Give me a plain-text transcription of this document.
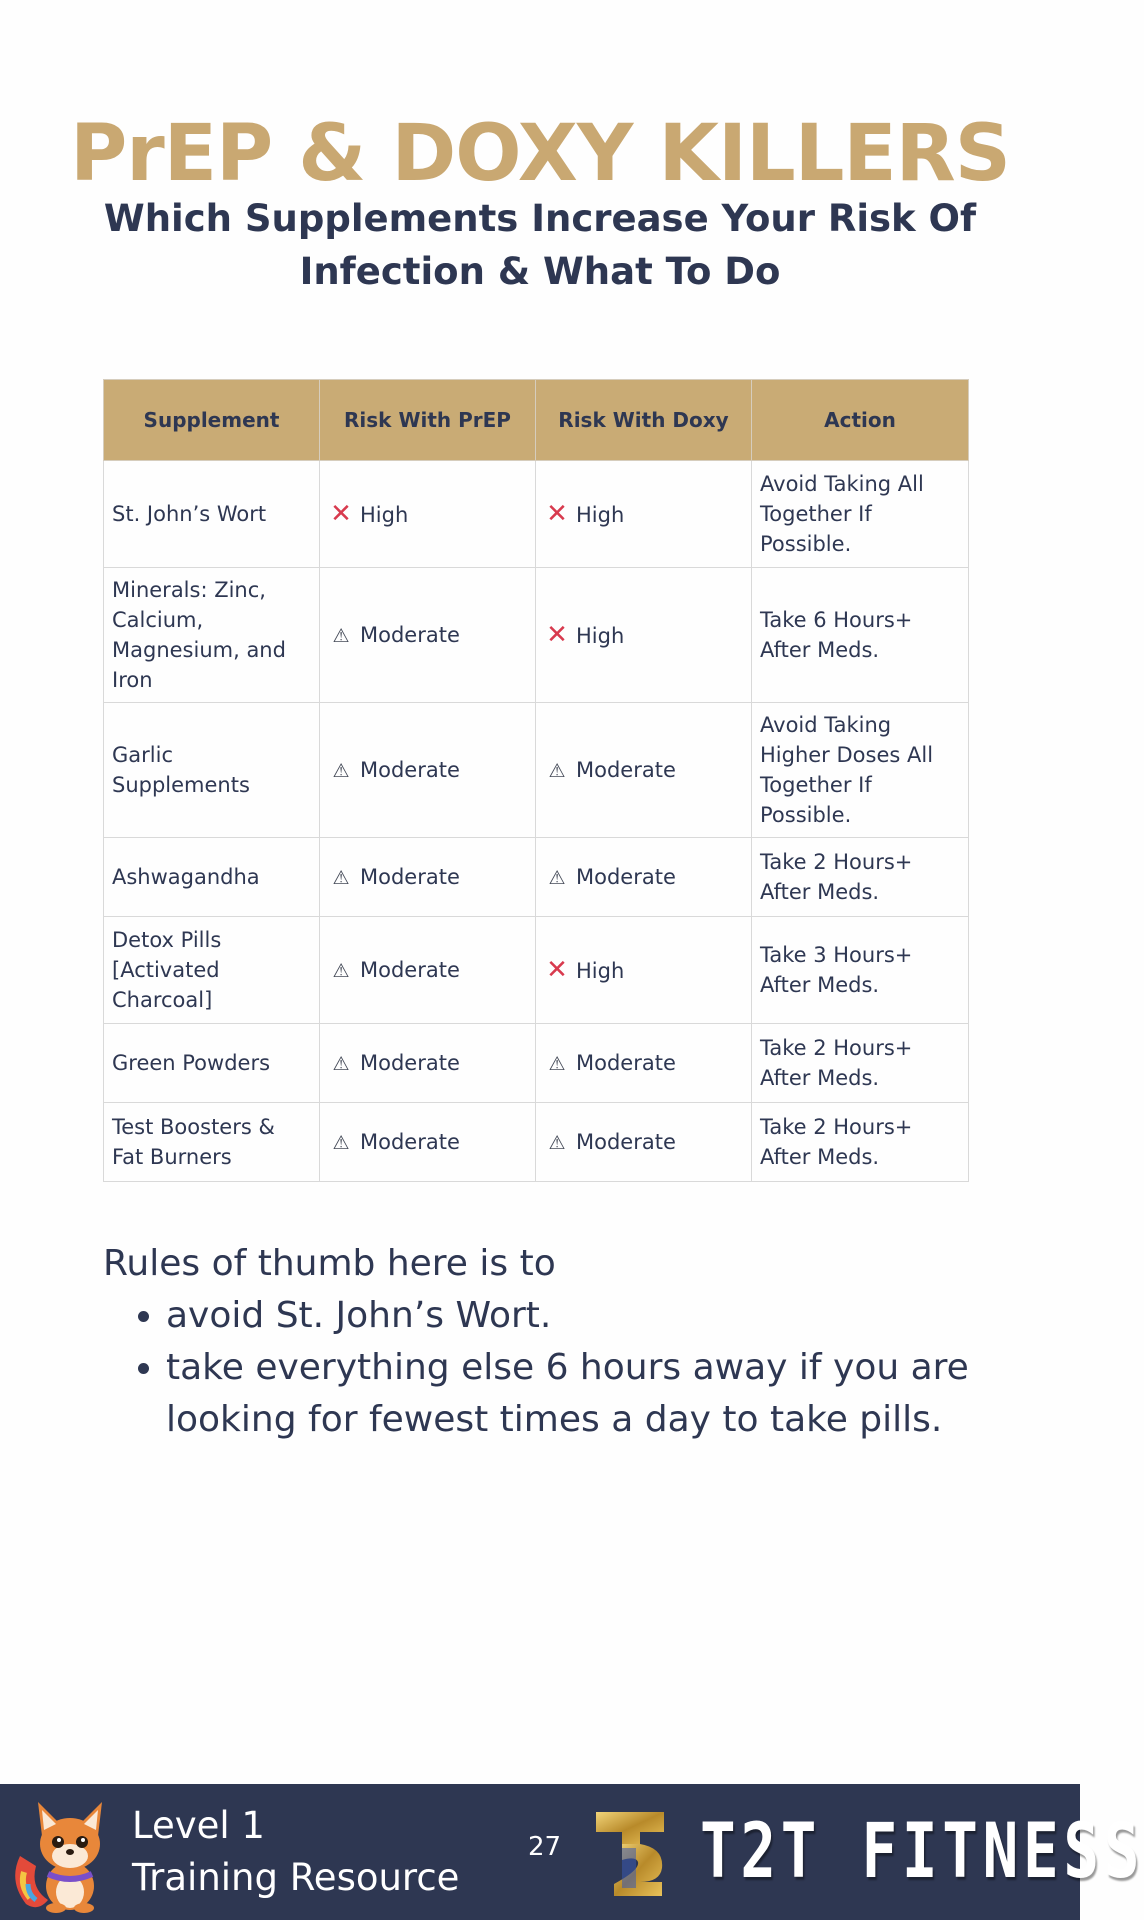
PrEP & DOXY KILLERS
Which Supplements Increase Your Risk Of Infection & What To Do
Supplement	Risk With PrEP	Risk With Doxy	Action
St. John’s Wort	✕ High	✕ High	Avoid Taking All Together If Possible.
Minerals: Zinc, Calcium, Magnesium, and Iron	⚠ Moderate	✕ High	Take 6 Hours+ After Meds.
Garlic Supplements	⚠ Moderate	⚠ Moderate	Avoid Taking Higher Doses All Together If Possible.
Ashwagandha	⚠ Moderate	⚠ Moderate	Take 2 Hours+ After Meds.
Detox Pills [Activated Charcoal]	⚠ Moderate	✕ High	Take 3 Hours+ After Meds.
Green Powders	⚠ Moderate	⚠ Moderate	Take 2 Hours+ After Meds.
Test Boosters & Fat Burners	⚠ Moderate	⚠ Moderate	Take 2 Hours+ After Meds.

Rules of thumb here is to

• avoid St. John’s Wort.
• take everything else 6 hours away if you are looking for fewest times a day to take pills.
Level 1
Training Resource
27 T2T FITNESS
